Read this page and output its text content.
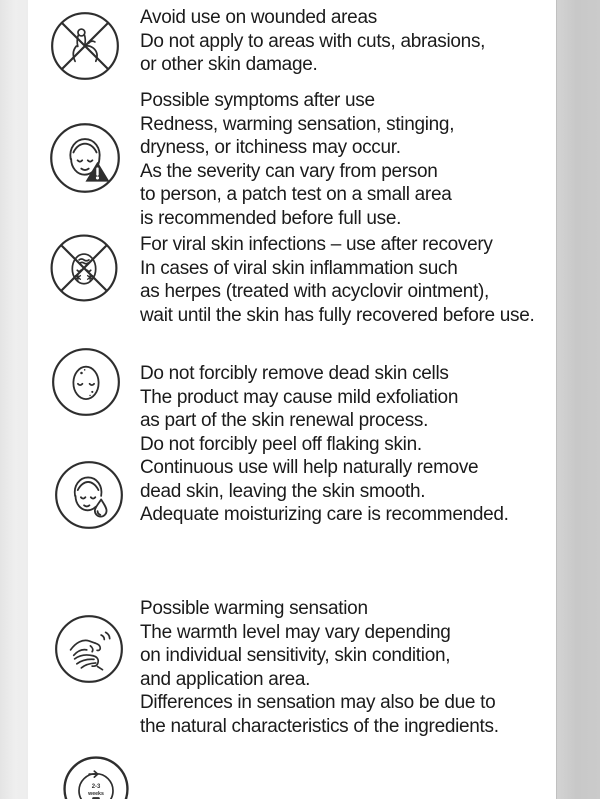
Avoid use on wounded areas

Do not apply to areas with cuts, abrasions,

or other skin damage.

Possible symptoms after use

Redness, warming sensation, stinging,

dryness, or itchiness may occur.

As the severity can vary from person

to person, a patch test on a small area

is recommended before full use.

For viral skin infections – use after recovery

In cases of viral skin inflammation such

as herpes (treated with acyclovir ointment),

wait until the skin has fully recovered before use.

Do not forcibly remove dead skin cells

The product may cause mild exfoliation

as part of the skin renewal process.

Do not forcibly peel off flaking skin.

Continuous use will help naturally remove

dead skin, leaving the skin smooth.

Adequate moisturizing care is recommended.

Possible warming sensation

The warmth level may vary depending

on individual sensitivity, skin condition,

and application area.

Differences in sensation may also be due to

the natural characteristics of the ingredients.

2-3
weeks
